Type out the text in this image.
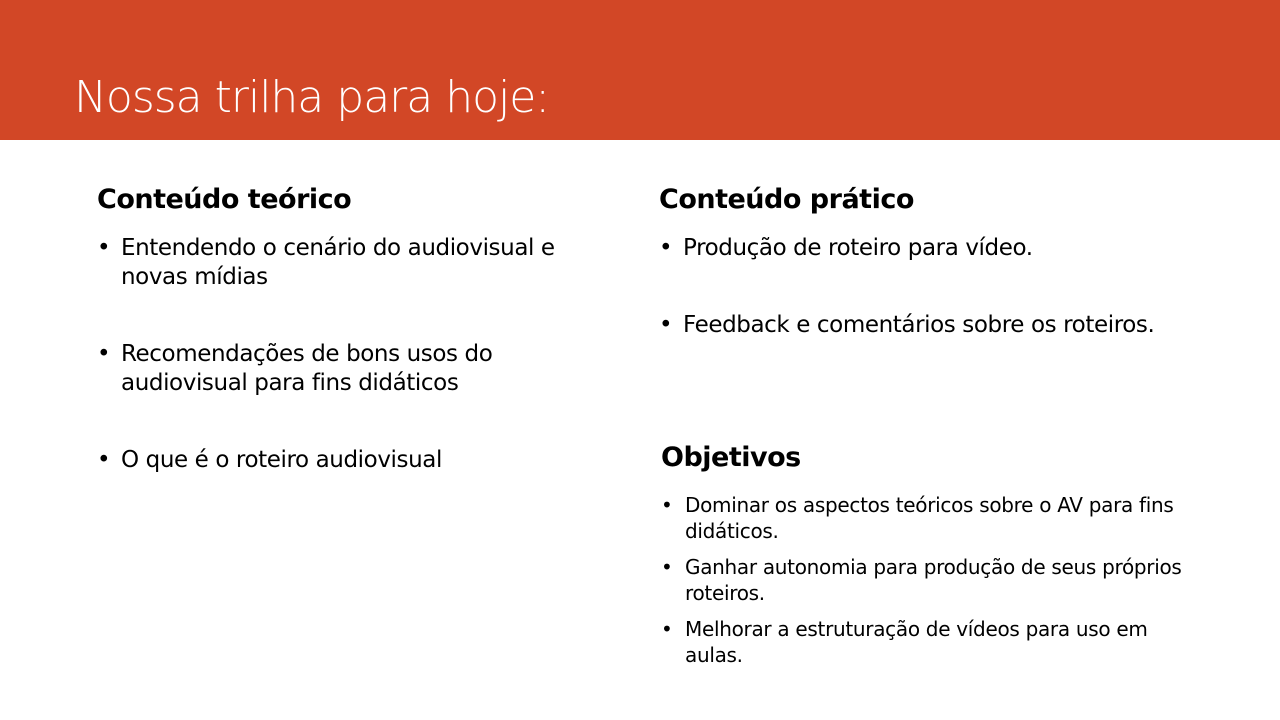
Nossa trilha para hoje:
Conteúdo teórico
• Entendendo o cenário do audiovisual e novas mídias
• Recomendações de bons usos do audiovisual para fins didáticos
• O que é o roteiro audiovisual
Conteúdo prático
• Produção de roteiro para vídeo.
• Feedback e comentários sobre os roteiros.
Objetivos
• Dominar os aspectos teóricos sobre o AV para fins didáticos.
• Ganhar autonomia para produção de seus próprios roteiros.
• Melhorar a estruturação de vídeos para uso em aulas.
